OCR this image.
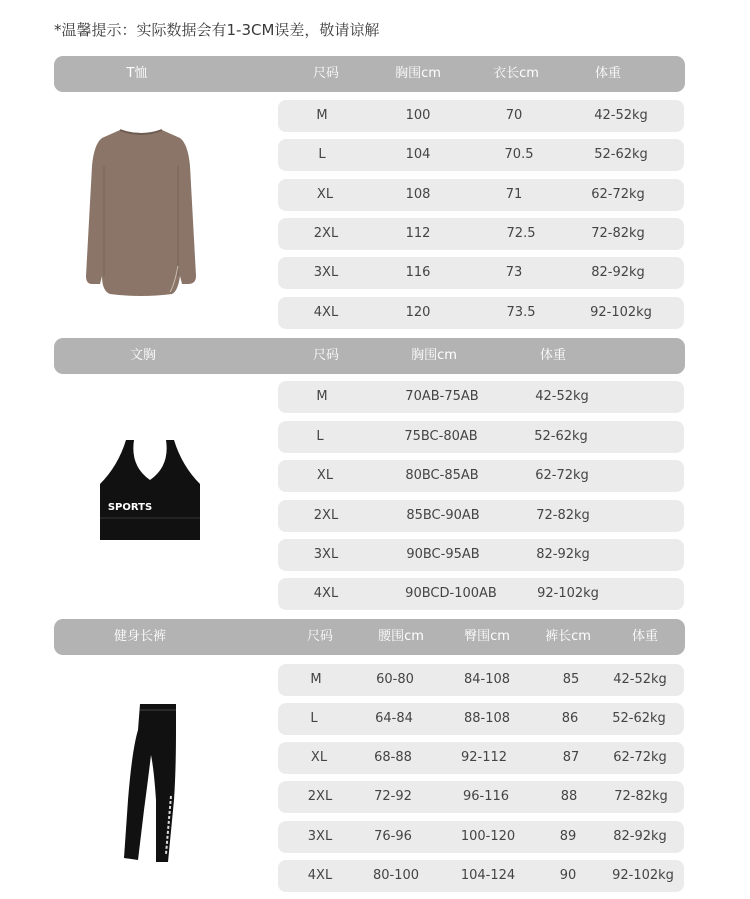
*温馨提示：实际数据会有1-3CM误差，敬请谅解
T恤	尺码	胸围cm	衣长cm	体重
M	100	70	42-52kg
L	104	70.5	52-62kg
XL	108	71	62-72kg
2XL	112	72.5	72-82kg
3XL	116	73	82-92kg
4XL	120	73.5	92-102kg
文胸	尺码	胸围cm	体重
SPORTS
M	70AB-75AB	42-52kg
L	75BC-80AB	52-62kg
XL	80BC-85AB	62-72kg
2XL	85BC-90AB	72-82kg
3XL	90BC-95AB	82-92kg
4XL	90BCD-100AB	92-102kg
健身长裤	尺码	腰围cm	臀围cm	裤长cm	体重
M	60-80	84-108	85	42-52kg
L	64-84	88-108	86	52-62kg
XL	68-88	92-112	87	62-72kg
2XL	72-92	96-116	88	72-82kg
3XL	76-96	100-120	89	82-92kg
4XL	80-100	104-124	90	92-102kg
